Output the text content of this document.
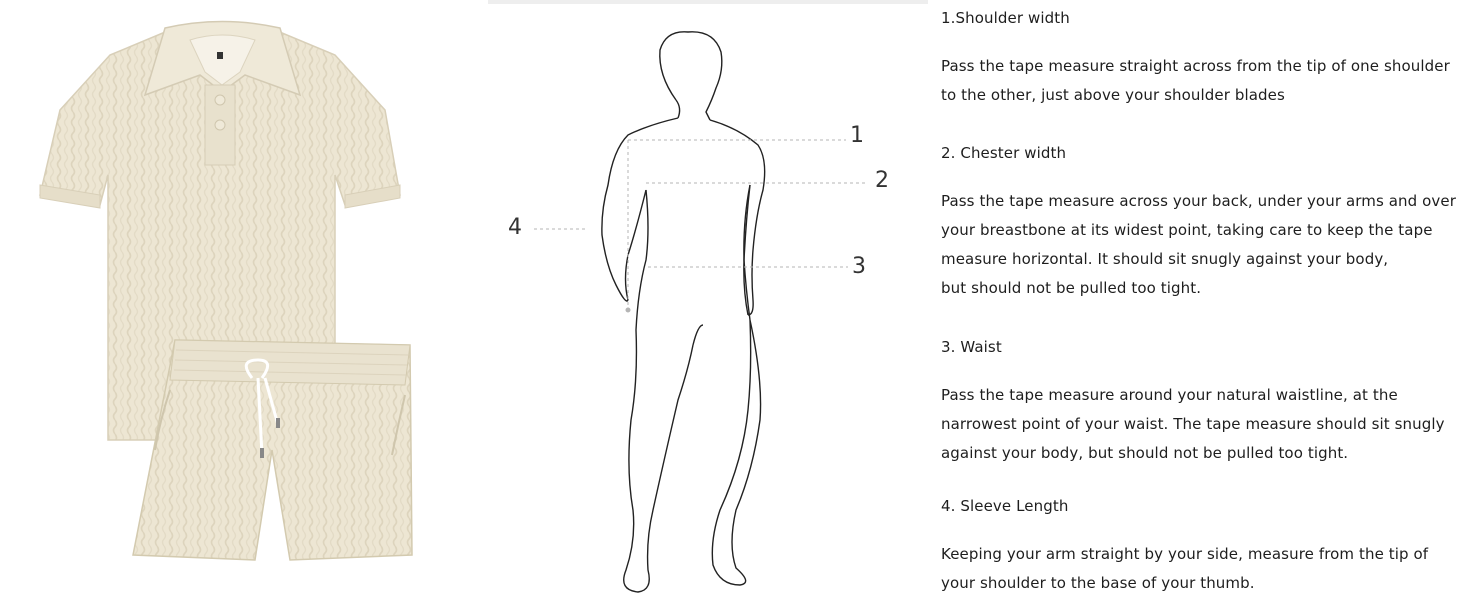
1
2
3
4
1.Shoulder width
Pass the tape measure straight across from the tip of one shoulder
to the other, just above your shoulder blades
2. Chester width
Pass the tape measure across your back, under your arms and over
your breastbone at its widest point, taking care to keep the tape
measure horizontal. It should sit snugly against your body,
but should not be pulled too tight.
3. Waist
Pass the tape measure around your natural waistline, at the
narrowest point of your waist. The tape measure should sit snugly
against your body, but should not be pulled too tight.
4. Sleeve Length
Keeping your arm straight by your side, measure from the tip of
your shoulder to the base of your thumb.
